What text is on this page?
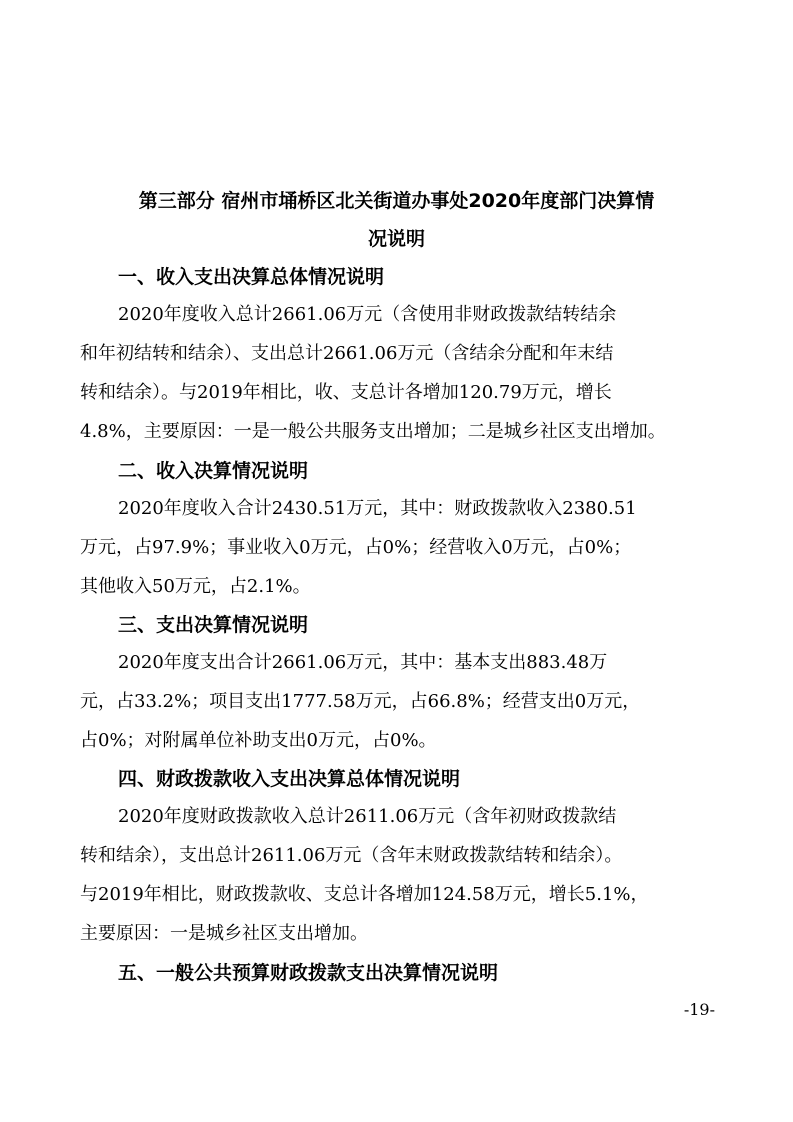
第三部分 宿州市埇桥区北关街道办事处2020年度部门决算情
况说明
一、收入支出决算总体情况说明
2020年度收入总计2661.06万元（含使用非财政拨款结转结余
和年初结转和结余）、支出总计2661.06万元（含结余分配和年末结
转和结余）。与2019年相比，收、支总计各增加120.79万元，增长
4.8%，主要原因：一是一般公共服务支出增加；二是城乡社区支出增加。
二、收入决算情况说明
2020年度收入合计2430.51万元，其中：财政拨款收入2380.51
万元，占97.9%；事业收入0万元，占0%；经营收入0万元，占0%；
其他收入50万元，占2.1%。
三、支出决算情况说明
2020年度支出合计2661.06万元，其中：基本支出883.48万
元，占33.2%；项目支出1777.58万元，占66.8%；经营支出0万元，
占0%；对附属单位补助支出0万元，占0%。
四、财政拨款收入支出决算总体情况说明
2020年度财政拨款收入总计2611.06万元（含年初财政拨款结
转和结余），支出总计2611.06万元（含年末财政拨款结转和结余）。
与2019年相比，财政拨款收、支总计各增加124.58万元，增长5.1%，
主要原因：一是城乡社区支出增加。
五、一般公共预算财政拨款支出决算情况说明
-19-
